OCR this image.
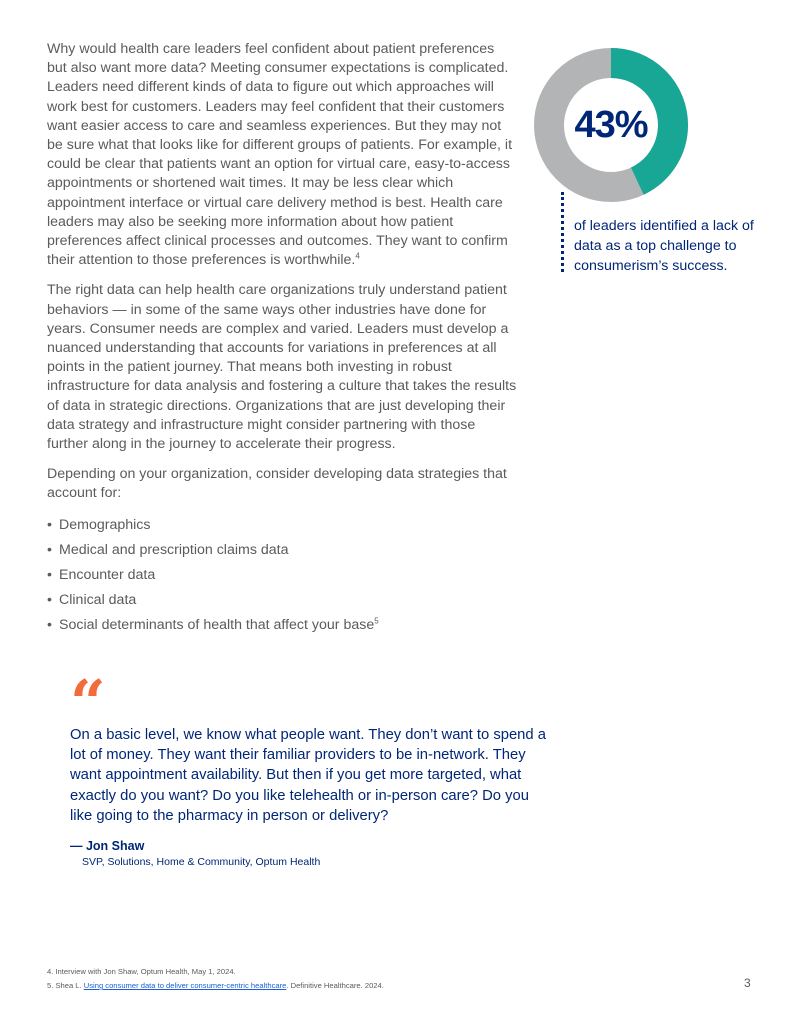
Why would health care leaders feel confident about patient preferences but also want more data? Meeting consumer expectations is complicated. Leaders need different kinds of data to figure out which approaches will work best for customers. Leaders may feel confident that their customers want easier access to care and seamless experiences. But they may not be sure what that looks like for different groups of patients. For example, it could be clear that patients want an option for virtual care, easy-to-access appointments or shortened wait times. It may be less clear which appointment interface or virtual care delivery method is best. Health care leaders may also be seeking more information about how patient preferences affect clinical processes and outcomes. They want to confirm their attention to those preferences is worthwhile.$^4$

The right data can help health care organizations truly understand patient behaviors — in some of the same ways other industries have done for years. Consumer needs are complex and varied. Leaders must develop a nuanced understanding that accounts for variations in preferences at all points in the patient journey. That means both investing in robust infrastructure for data analysis and fostering a culture that takes the results of data in strategic directions. Organizations that are just developing their data strategy and infrastructure might consider partnering with those further along in the journey to accelerate their progress.

Depending on your organization, consider developing data strategies that account for:

• Demographics
• Medical and prescription claims data
• Encounter data
• Clinical data
• Social determinants of health that affect your base$^5$
43%
of leaders identified a lack of data as a top challenge to consumerism’s success.
“
On a basic level, we know what people want. They don’t want to spend a lot of money. They want their familiar providers to be in-network. They want appointment availability. But then if you get more targeted, what exactly do you want? Do you like telehealth or in-person care? Do you like going to the pharmacy in person or delivery?
— Jon Shaw
SVP, Solutions, Home & Community, Optum Health
4. Interview with Jon Shaw, Optum Health, May 1, 2024.
5. Shea L. Using consumer data to deliver consumer-centric healthcare. Definitive Healthcare. 2024.	3
